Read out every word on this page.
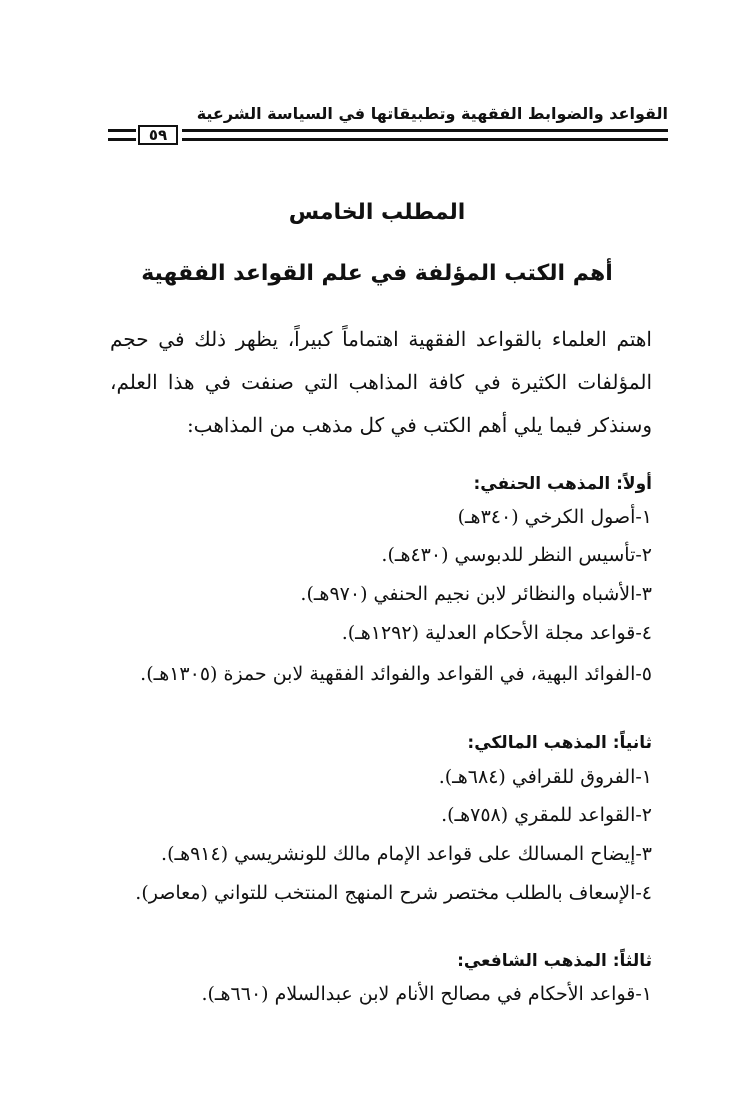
القواعد والضوابط الفقهية وتطبيقاتها في السياسة الشرعية
٥٩
المطلب الخامس
أهم الكتب المؤلفة في علم القواعد الفقهية
اهتم العلماء بالقواعد الفقهية اهتماماً كبيراً، يظهر ذلك في حجم المؤلفات الكثيرة في كافة المذاهب التي صنفت في هذا العلم، وسنذكر فيما يلي أهم الكتب في كل مذهب من المذاهب:
أولاً: المذهب الحنفي:
١-أصول الكرخي (٣٤٠هـ)
٢-تأسيس النظر للدبوسي (٤٣٠هـ).
٣-الأشباه والنظائر لابن نجيم الحنفي (٩٧٠هـ).
٤-قواعد مجلة الأحكام العدلية (١٢٩٢هـ).
٥-الفوائد البهية، في القواعد والفوائد الفقهية لابن حمزة (١٣٠٥هـ).
ثانياً: المذهب المالكي:
١-الفروق للقرافي (٦٨٤هـ).
٢-القواعد للمقري (٧٥٨هـ).
٣-إيضاح المسالك على قواعد الإمام مالك للونشريسي (٩١٤هـ).
٤-الإسعاف بالطلب مختصر شرح المنهج المنتخب للتواني (معاصر).
ثالثاً: المذهب الشافعي:
١-قواعد الأحكام في مصالح الأنام لابن عبدالسلام (٦٦٠هـ).
